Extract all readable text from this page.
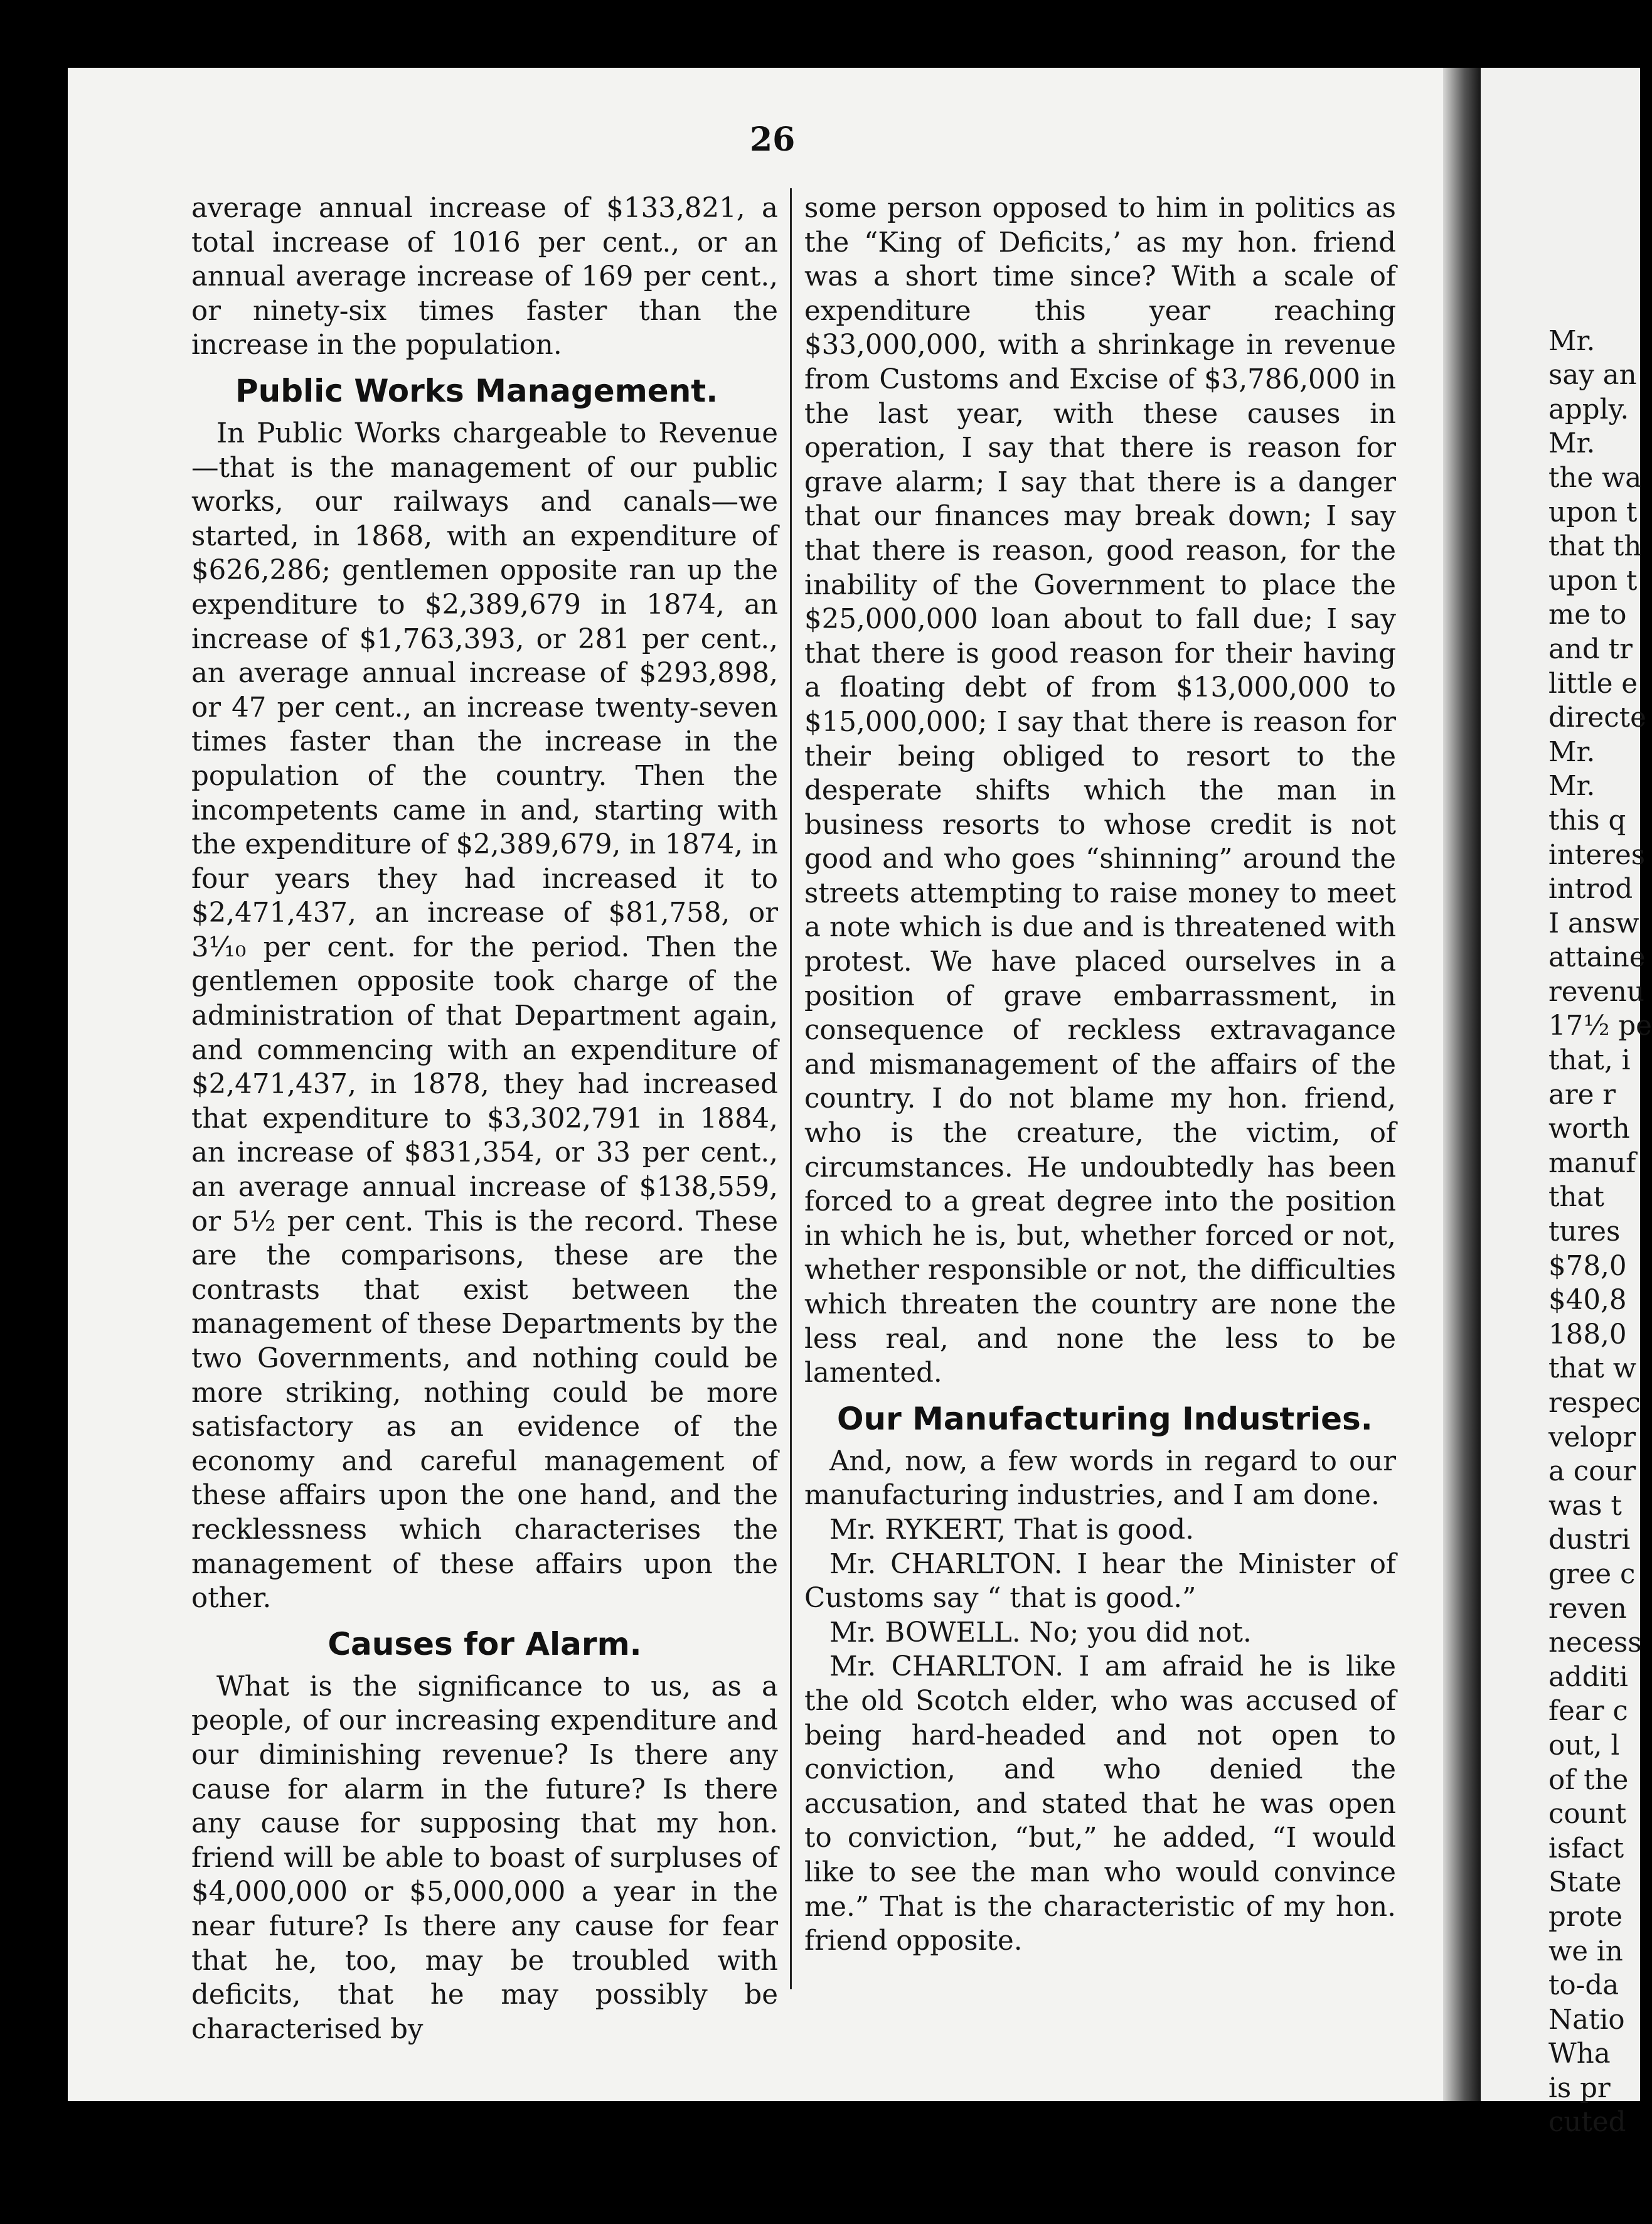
26

average annual increase of $133,821, a total increase of 1016 per cent., or an annual average increase of 169 per cent., or ninety-six times faster than the increase in the population.

Public Works Management.

In Public Works chargeable to Revenue—that is the management of our public works, our railways and canals—we started, in 1868, with an expenditure of $626,286; gentlemen opposite ran up the expenditure to $2,389,679 in 1874, an increase of $1,763,393, or 281 per cent., an average annual increase of $293,898, or 47 per cent., an increase twenty-seven times faster than the increase in the population of the country. Then the incompetents came in and, starting with the expenditure of $2,389,679, in 1874, in four years they had increased it to $2,471,437, an increase of $81,758, or 3¹⁄₁₀ per cent. for the period. Then the gentlemen opposite took charge of the administration of that Department again, and commencing with an expenditure of $2,471,437, in 1878, they had increased that expenditure to $3,302,791 in 1884, an increase of $831,354, or 33 per cent., an average annual increase of $138,559, or 5½ per cent. This is the record. These are the comparisons, these are the contrasts that exist between the management of these Departments by the two Governments, and nothing could be more striking, nothing could be more satisfactory as an evidence of the economy and careful management of these affairs upon the one hand, and the recklessness which characterises the management of these affairs upon the other.

Causes for Alarm.

What is the significance to us, as a people, of our increasing expenditure and our diminishing revenue? Is there any cause for alarm in the future? Is there any cause for supposing that my hon. friend will be able to boast of surpluses of $4,000,000 or $5,000,000 a year in the near future? Is there any cause for fear that he, too, may be troubled with deficits, that he may possibly be characterised by

some person opposed to him in politics as the “King of Deficits,’ as my hon. friend was a short time since? With a scale of expenditure this year reaching $33,000,000, with a shrinkage in revenue from Customs and Excise of $3,786,000 in the last year, with these causes in operation, I say that there is reason for grave alarm; I say that there is a danger that our finances may break down; I say that there is reason, good reason, for the inability of the Government to place the $25,000,000 loan about to fall due; I say that there is good reason for their having a floating debt of from $13,000,000 to $15,000,000; I say that there is reason for their being obliged to resort to the desperate shifts which the man in business resorts to whose credit is not good and who goes “shinning” around the streets attempting to raise money to meet a note which is due and is threatened with protest. We have placed ourselves in a position of grave embarrassment, in consequence of reckless extravagance and mismanagement of the affairs of the country. I do not blame my hon. friend, who is the creature, the victim, of circumstances. He undoubtedly has been forced to a great degree into the position in which he is, but, whether forced or not, whether responsible or not, the difficulties which threaten the country are none the less real, and none the less to be lamented.

Our Manufacturing Industries.

And, now, a few words in regard to our manufacturing industries, and I am done.

Mr. RYKERT, That is good.

Mr. CHARLTON. I hear the Minister of Customs say “ that is good.”

Mr. BOWELL. No; you did not.

Mr. CHARLTON. I am afraid he is like the old Scotch elder, who was accused of being hard-headed and not open to conviction, and who denied the accusation, and stated that he was open to conviction, “but,” he added, “I would like to see the man who would convince me.” That is the characteristic of my hon. friend opposite.

Mr.
say an
apply.
Mr.
the wa
upon t
that th
upon t
me to
and tr
little e
directe
Mr.
Mr.
this q
interes
introd
I answ
attaine
revenu
17½ pe
that, i
are r
worth
manuf
that
tures
$78,0
$40,8
188,0
that w
respec
velopr
a cour
was t
dustri
gree c
reven
necess
additi
fear c
out, l
of the
count
isfact
State
prote
we in
to-da
Natio
Wha
is pr
cuted
